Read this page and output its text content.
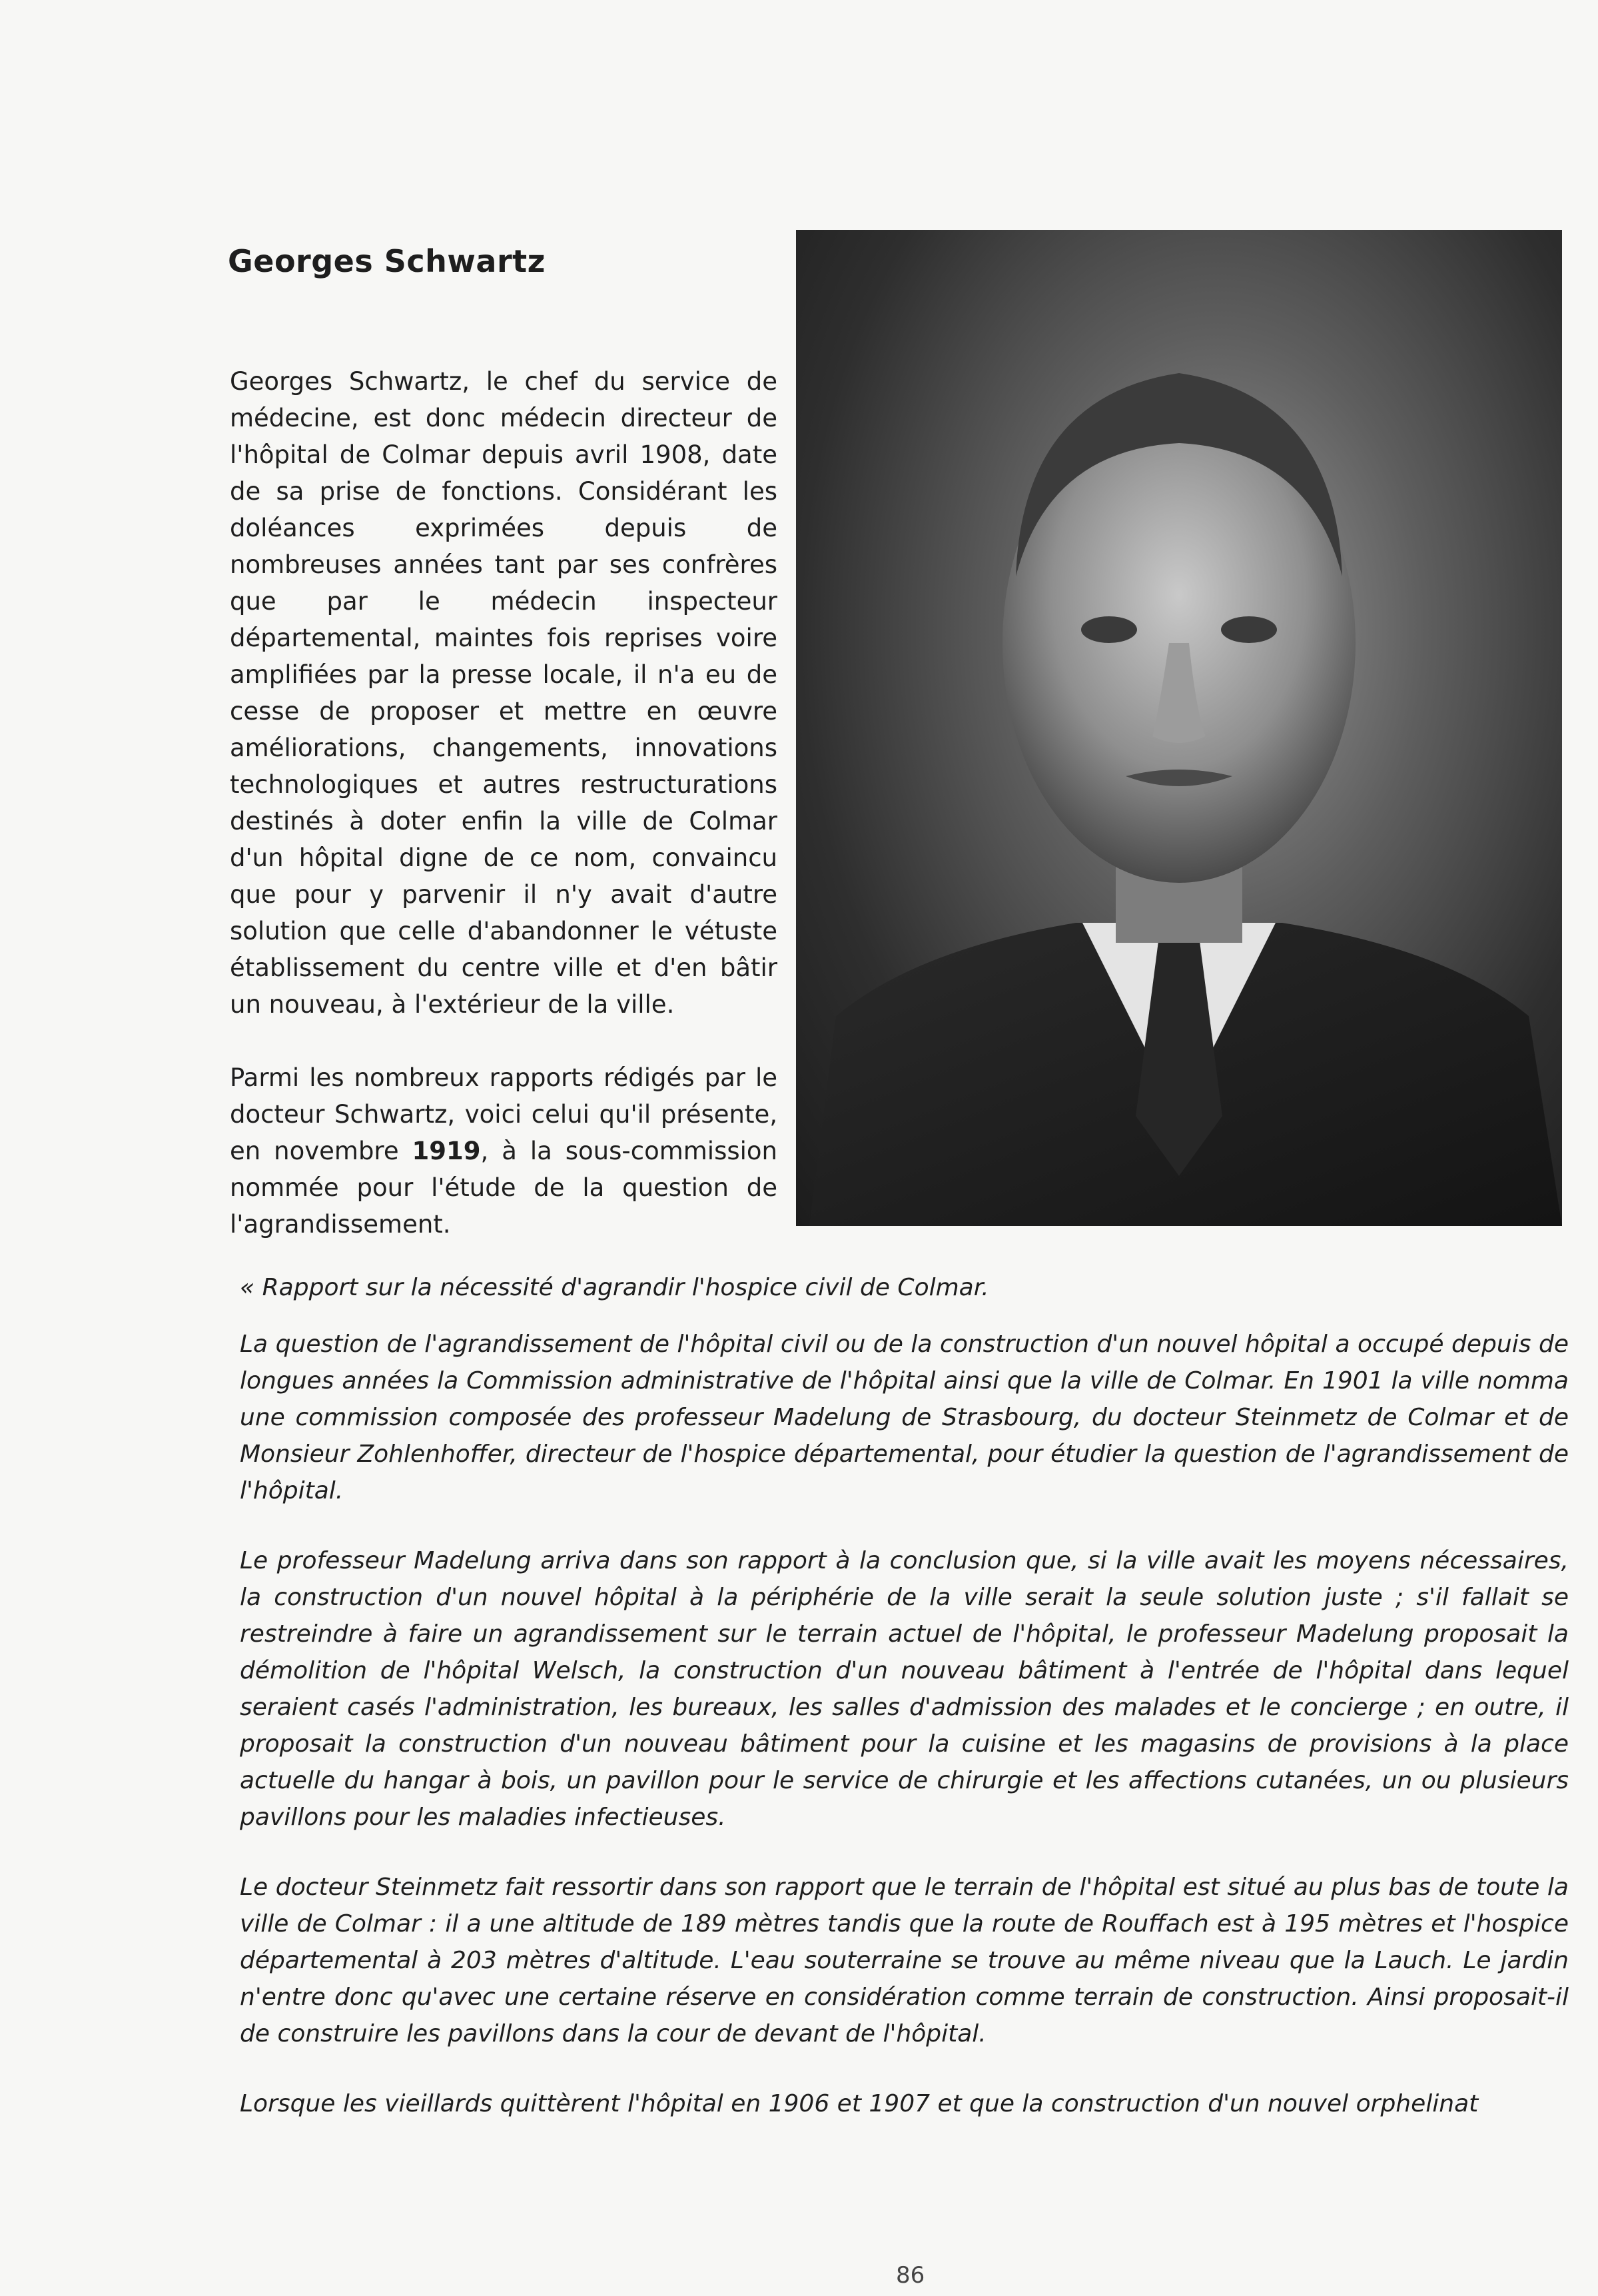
Georges Schwartz

Georges Schwartz, le chef du service de médecine, est donc médecin directeur de l'hôpital de Colmar depuis avril 1908, date de sa prise de fonctions. Considérant les doléances exprimées depuis de nombreuses années tant par ses confrères que par le médecin inspecteur départemental, maintes fois reprises voire amplifiées par la presse locale, il n'a eu de cesse de proposer et mettre en œuvre améliorations, changements, innovations technologiques et autres restructurations destinés à doter enfin la ville de Colmar d'un hôpital digne de ce nom, convaincu que pour y parvenir il n'y avait d'autre solution que celle d'abandonner le vétuste établissement du centre ville et d'en bâtir un nouveau, à l'extérieur de la ville.

Parmi les nombreux rapports rédigés par le docteur Schwartz, voici celui qu'il présente, en novembre 1919, à la sous-commission nommée pour l'étude de la question de l'agrandissement.

« Rapport sur la nécessité d'agrandir l'hospice civil de Colmar.

La question de l'agrandissement de l'hôpital civil ou de la construction d'un nouvel hôpital a occupé depuis de longues années la Commission administrative de l'hôpital ainsi que la ville de Colmar. En 1901 la ville nomma une commission composée des professeur Madelung de Strasbourg, du docteur Steinmetz de Colmar et de Monsieur Zohlenhoffer, directeur de l'hospice départemental, pour étudier la question de l'agrandissement de l'hôpital.

Le professeur Madelung arriva dans son rapport à la conclusion que, si la ville avait les moyens nécessaires, la construction d'un nouvel hôpital à la périphérie de la ville serait la seule solution juste ; s'il fallait se restreindre à faire un agrandissement sur le terrain actuel de l'hôpital, le professeur Madelung proposait la démolition de l'hôpital Welsch, la construction d'un nouveau bâtiment à l'entrée de l'hôpital dans lequel seraient casés l'administration, les bureaux, les salles d'admission des malades et le concierge ; en outre, il proposait la construction d'un nouveau bâtiment pour la cuisine et les magasins de provisions à la place actuelle du hangar à bois, un pavillon pour le service de chirurgie et les affections cutanées, un ou plusieurs pavillons pour les maladies infectieuses.

Le docteur Steinmetz fait ressortir dans son rapport que le terrain de l'hôpital est situé au plus bas de toute la ville de Colmar : il a une altitude de 189 mètres tandis que la route de Rouffach est à 195 mètres et l'hospice départemental à 203 mètres d'altitude. L'eau souterraine se trouve au même niveau que la Lauch. Le jardin n'entre donc qu'avec une certaine réserve en considération comme terrain de construction. Ainsi proposait-il de construire les pavillons dans la cour de devant de l'hôpital.

Lorsque les vieillards quittèrent l'hôpital en 1906 et 1907 et que la construction d'un nouvel orphelinat

86
